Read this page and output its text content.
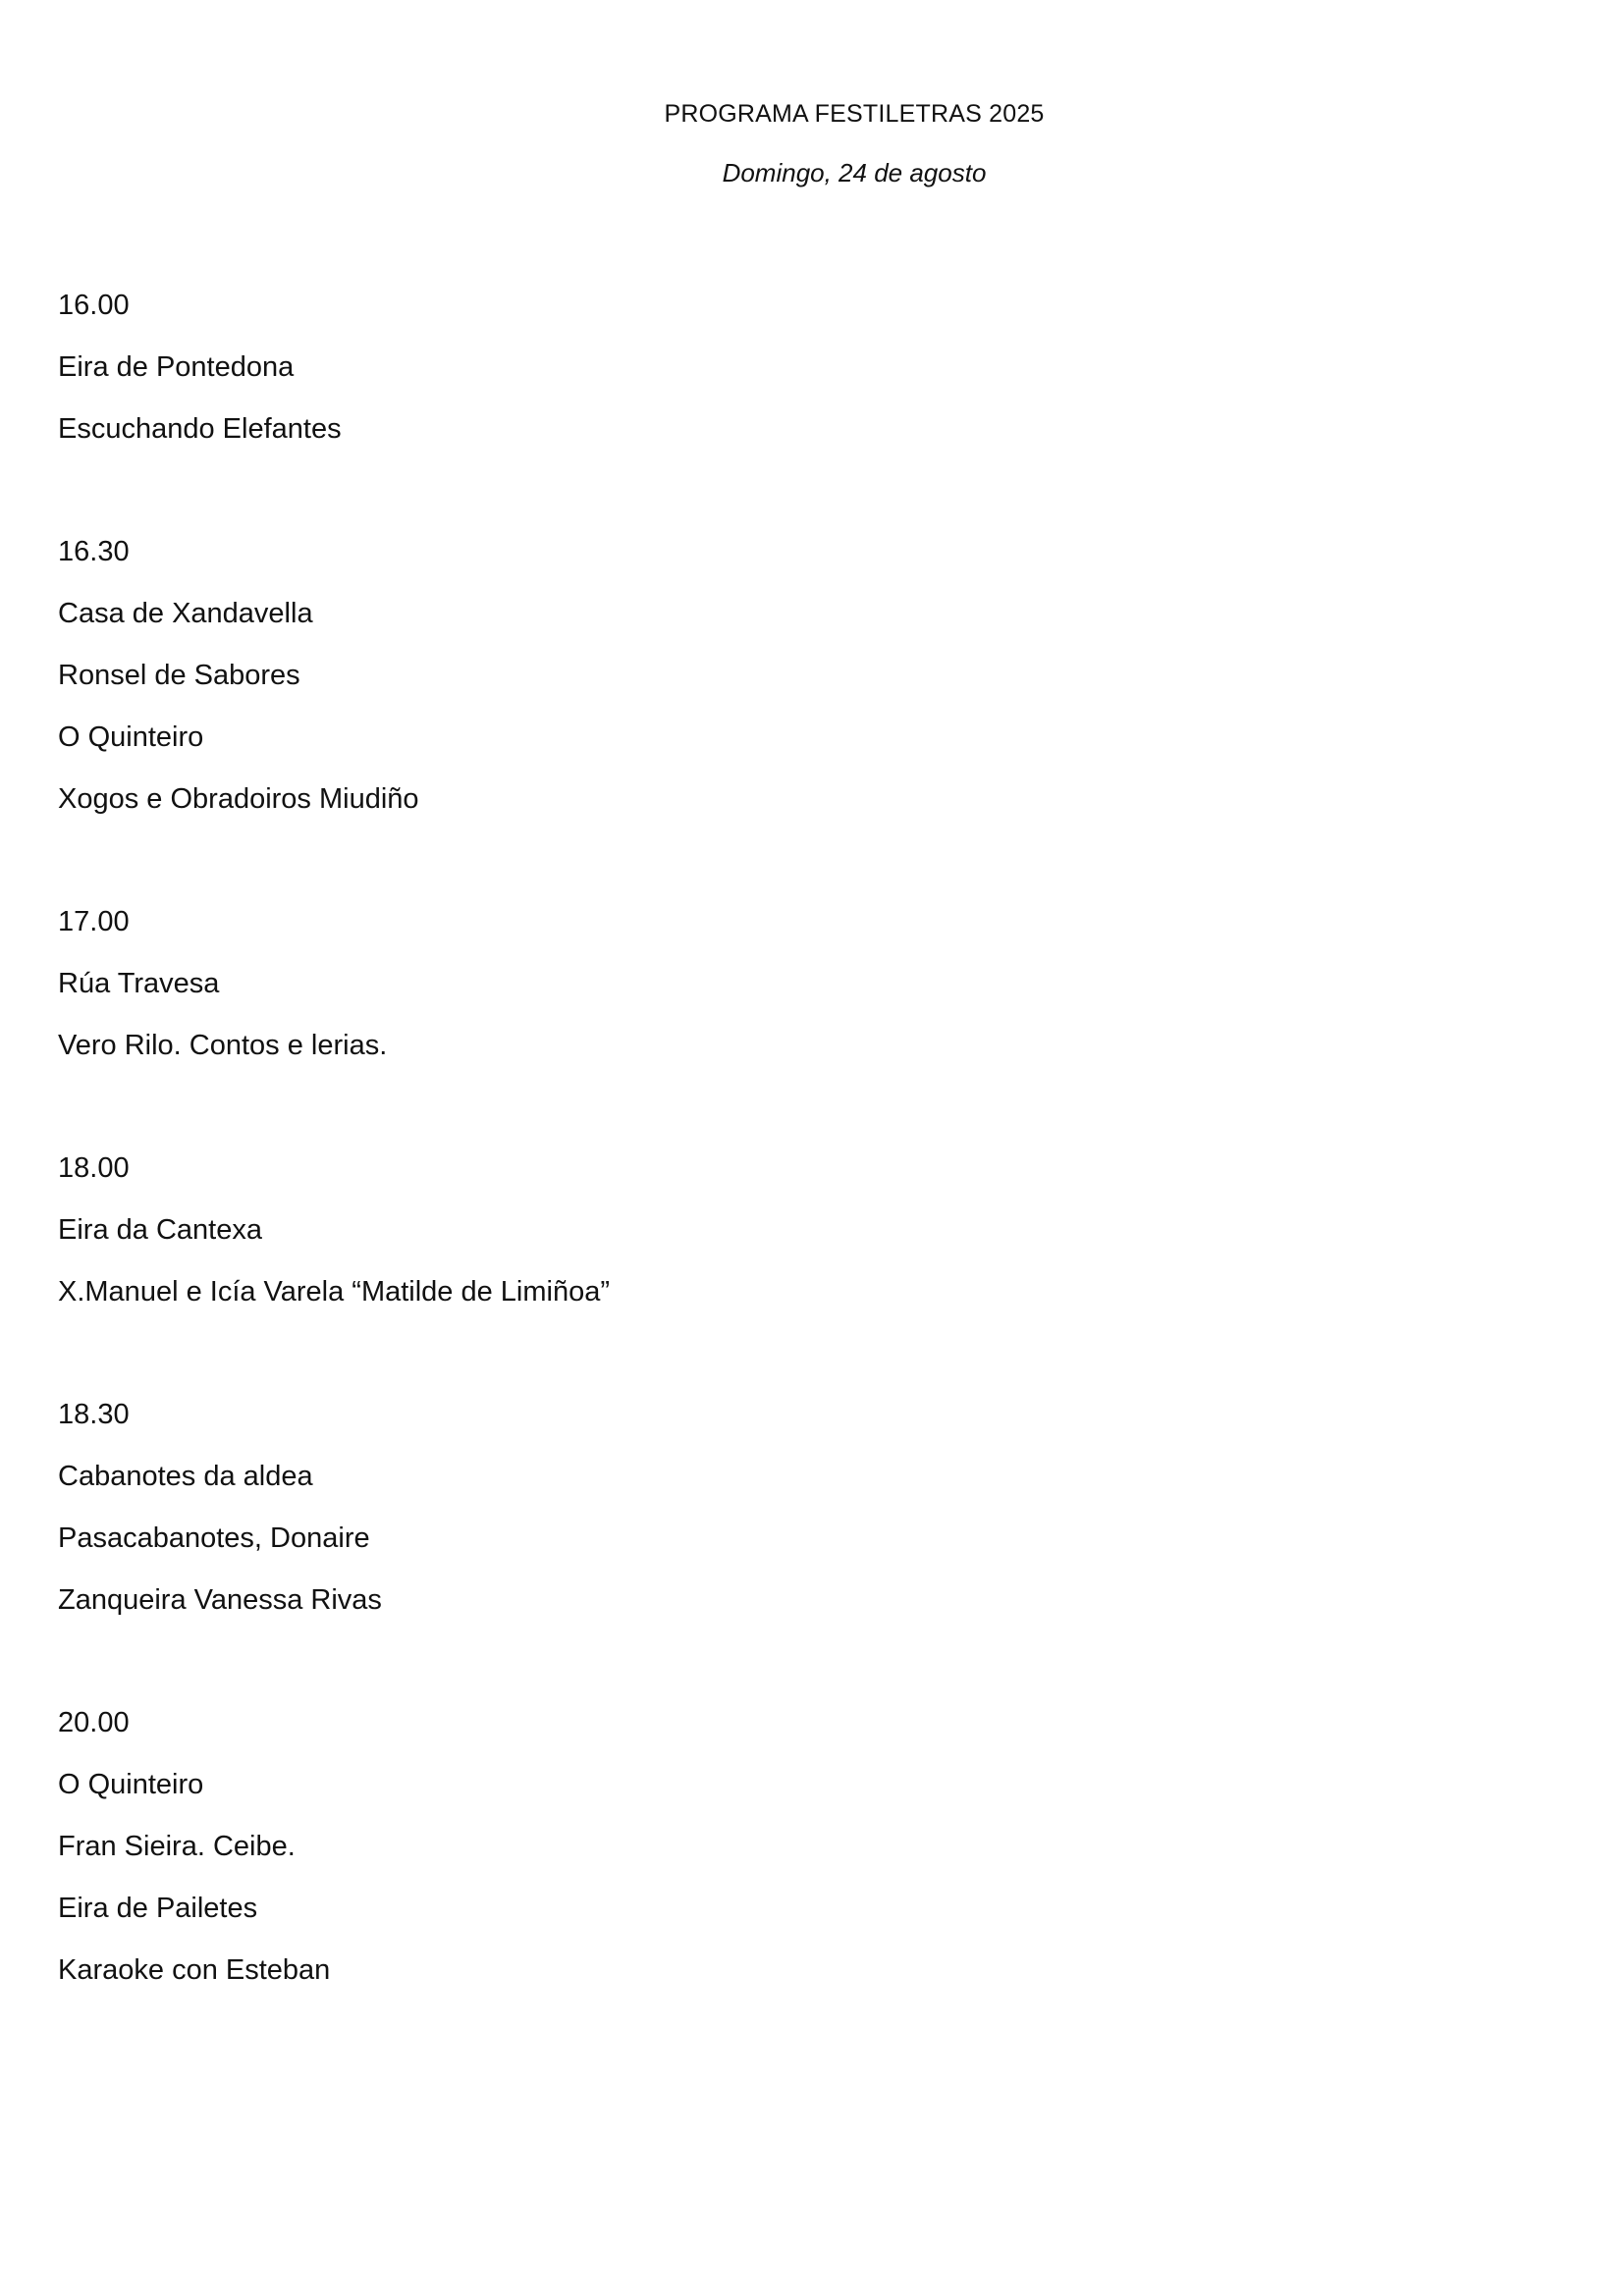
PROGRAMA FESTILETRAS 2025
Domingo, 24 de agosto
16.00
Eira de Pontedona
Escuchando Elefantes
16.30
Casa de Xandavella
Ronsel de Sabores
O Quinteiro
Xogos e Obradoiros Miudiño
17.00
Rúa Travesa
Vero Rilo. Contos e lerias.
18.00
Eira da Cantexa
X.Manuel e Icía Varela “Matilde de Limiñoa”
18.30
Cabanotes da aldea
Pasacabanotes, Donaire
Zanqueira Vanessa Rivas
20.00
O Quinteiro
Fran Sieira. Ceibe.
Eira de Pailetes
Karaoke con Esteban
